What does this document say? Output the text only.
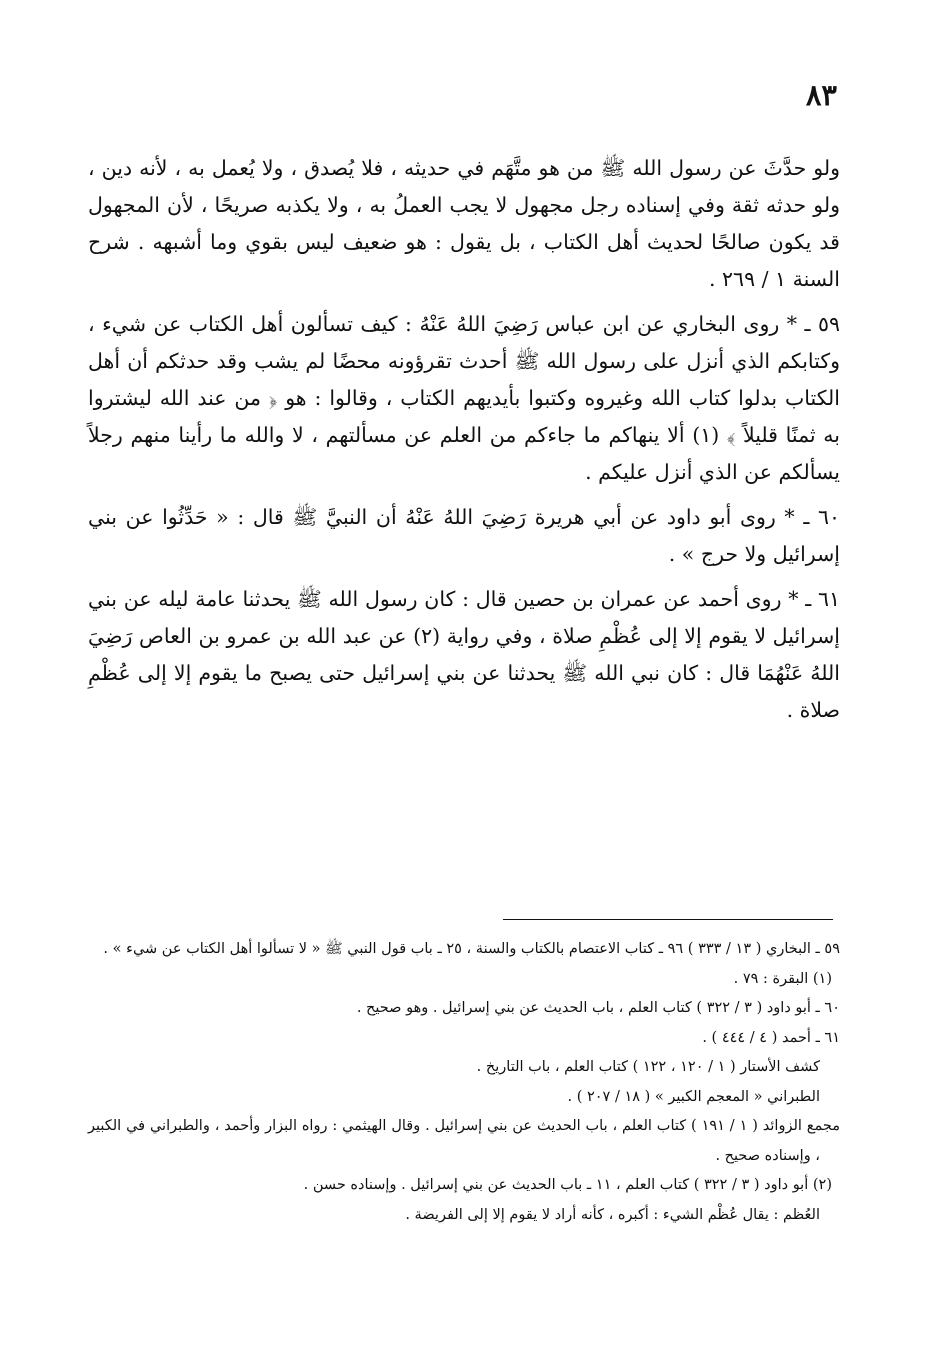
٨٣

ولو حدَّثَ عن رسول الله ﷺ من هو متَّهَم في حديثه ، فلا يُصدق ، ولا يُعمل به ، لأنه دين ، ولو حدثه ثقة وفي إسناده رجل مجهول لا يجب العملُ به ، ولا يكذبه صريحًا ، لأن المجهول قد يكون صالحًا لحديث أهل الكتاب ، بل يقول : هو ضعيف ليس بقوي وما أشبهه . شرح السنة ١ / ٢٦٩ .

٥٩ ـ * روى البخاري عن ابن عباس رَضِيَ اللهُ عَنْهُ : كيف تسألون أهل الكتاب عن شيء ، وكتابكم الذي أنزل على رسول الله ﷺ أحدث تقرؤونه محضًا لم يشب وقد حدثكم أن أهل الكتاب بدلوا كتاب الله وغيروه وكتبوا بأيديهم الكتاب ، وقالوا : هو ﴿ من عند الله ليشتروا به ثمنًا قليلاً ﴾ (١) ألا ينهاكم ما جاءكم من العلم عن مسألتهم ، لا والله ما رأينا منهم رجلاً يسألكم عن الذي أنزل عليكم .

٦٠ ـ * روى أبو داود عن أبي هريرة رَضِيَ اللهُ عَنْهُ أن النبيَّ ﷺ قال : « حَدِّثُوا عن بني إسرائيل ولا حرج » .

٦١ ـ * روى أحمد عن عمران بن حصين قال : كان رسول الله ﷺ يحدثنا عامة ليله عن بني إسرائيل لا يقوم إلا إلى عُظْمِ صلاة ، وفي رواية (٢) عن عبد الله بن عمرو بن العاص رَضِيَ اللهُ عَنْهُمَا قال : كان نبي الله ﷺ يحدثنا عن بني إسرائيل حتى يصبح ما يقوم إلا إلى عُظْمِ صلاة .

٥٩ ـ البخاري ( ١٣ / ٣٣٣ ) ٩٦ ـ كتاب الاعتصام بالكتاب والسنة ، ٢٥ ـ باب قول النبي ﷺ « لا تسألوا أهل الكتاب عن شيء » .

(١) البقرة : ٧٩ .

٦٠ ـ أبو داود ( ٣ / ٣٢٢ ) كتاب العلم ، باب الحديث عن بني إسرائيل . وهو صحيح .

٦١ ـ أحمد ( ٤ / ٤٤٤ ) .

كشف الأستار ( ١ / ١٢٠ ، ١٢٢ ) كتاب العلم ، باب التاريخ .

الطبراني « المعجم الكبير » ( ١٨ / ٢٠٧ ) .

مجمع الزوائد ( ١ / ١٩١ ) كتاب العلم ، باب الحديث عن بني إسرائيل . وقال الهيثمي : رواه البزار وأحمد ، والطبراني في الكبير ، وإسناده صحيح .

(٢) أبو داود ( ٣ / ٣٢٢ ) كتاب العلم ، ١١ ـ باب الحديث عن بني إسرائيل . وإسناده حسن .

العُظم : يقال عُظْم الشيء : أكبره ، كأنه أراد لا يقوم إلا إلى الفريضة .
